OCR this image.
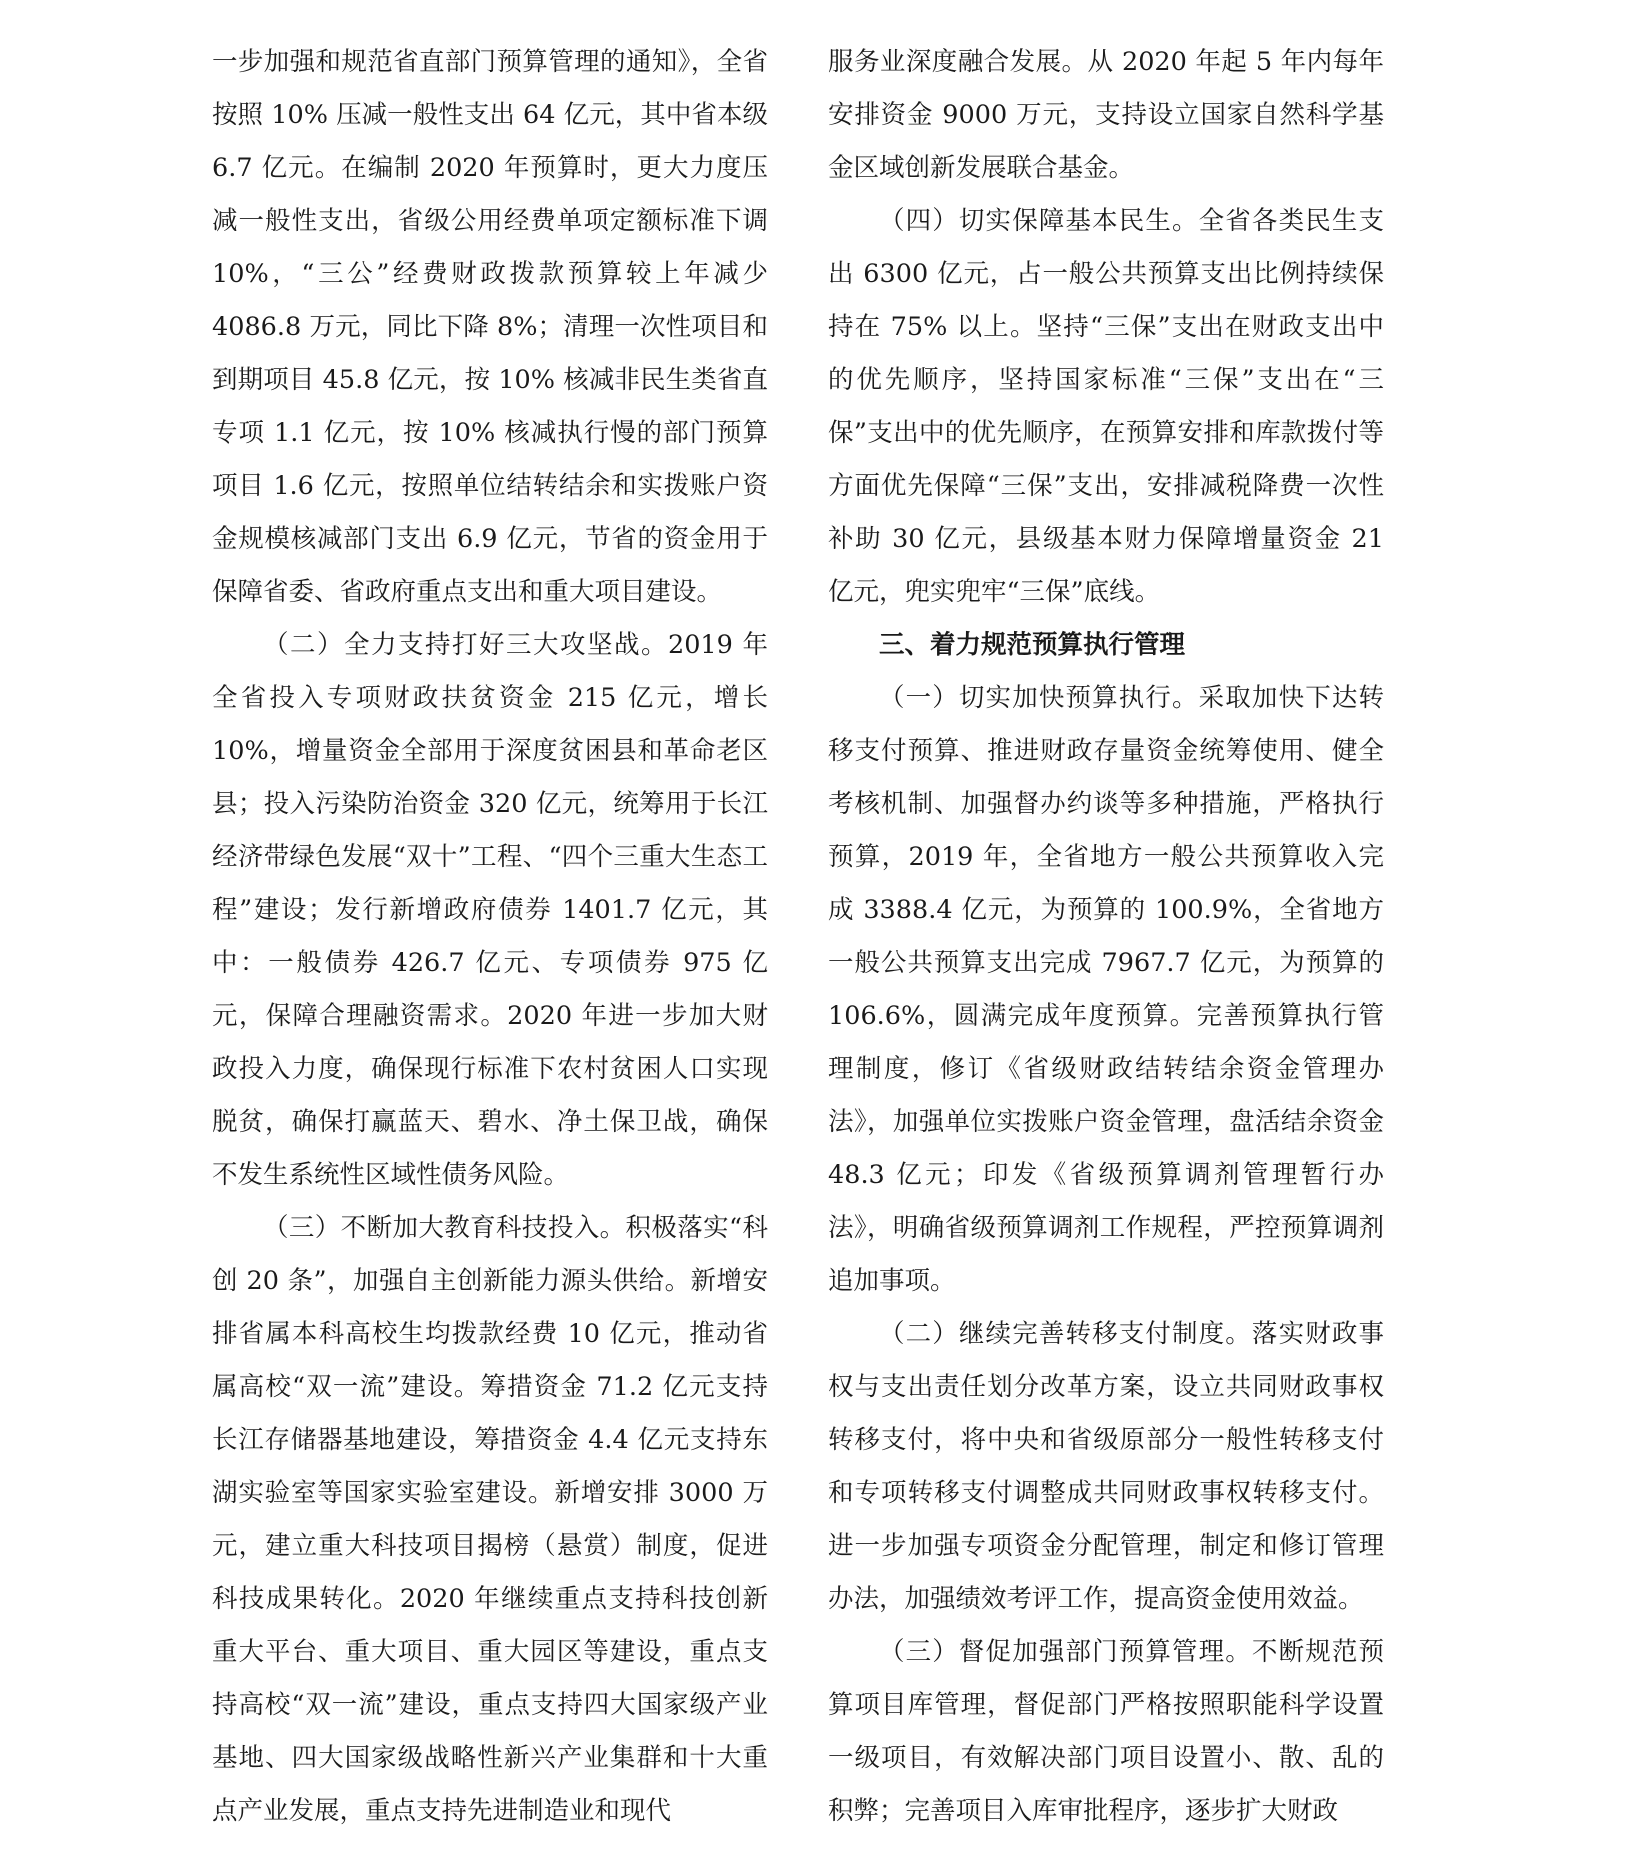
一步加强和规范省直部门预算管理的通知》，全省按照 10% 压减一般性支出 64 亿元，其中省本级 6.7 亿元。在编制 2020 年预算时，更大力度压减一般性支出，省级公用经费单项定额标准下调 10%，“三公”经费财政拨款预算较上年减少 4086.8 万元，同比下降 8%；清理一次性项目和到期项目 45.8 亿元，按 10% 核减非民生类省直专项 1.1 亿元，按 10% 核减执行慢的部门预算项目 1.6 亿元，按照单位结转结余和实拨账户资金规模核减部门支出 6.9 亿元，节省的资金用于保障省委、省政府重点支出和重大项目建设。

（二）全力支持打好三大攻坚战。2019 年全省投入专项财政扶贫资金 215 亿元，增长 10%，增量资金全部用于深度贫困县和革命老区县；投入污染防治资金 320 亿元，统筹用于长江经济带绿色发展“双十”工程、“四个三重大生态工程”建设；发行新增政府债券 1401.7 亿元，其中：一般债券 426.7 亿元、专项债券 975 亿元，保障合理融资需求。2020 年进一步加大财政投入力度，确保现行标准下农村贫困人口实现脱贫，确保打赢蓝天、碧水、净土保卫战，确保不发生系统性区域性债务风险。

（三）不断加大教育科技投入。积极落实“科创 20 条”，加强自主创新能力源头供给。新增安排省属本科高校生均拨款经费 10 亿元，推动省属高校“双一流”建设。筹措资金 71.2 亿元支持长江存储器基地建设，筹措资金 4.4 亿元支持东湖实验室等国家实验室建设。新增安排 3000 万元，建立重大科技项目揭榜（悬赏）制度，促进科技成果转化。2020 年继续重点支持科技创新重大平台、重大项目、重大园区等建设，重点支持高校“双一流”建设，重点支持四大国家级产业基地、四大国家级战略性新兴产业集群和十大重点产业发展，重点支持先进制造业和现代

服务业深度融合发展。从 2020 年起 5 年内每年安排资金 9000 万元，支持设立国家自然科学基金区域创新发展联合基金。

（四）切实保障基本民生。全省各类民生支出 6300 亿元，占一般公共预算支出比例持续保持在 75% 以上。坚持“三保”支出在财政支出中的优先顺序，坚持国家标准“三保”支出在“三保”支出中的优先顺序，在预算安排和库款拨付等方面优先保障“三保”支出，安排减税降费一次性补助 30 亿元，县级基本财力保障增量资金 21 亿元，兜实兜牢“三保”底线。

三、着力规范预算执行管理

（一）切实加快预算执行。采取加快下达转移支付预算、推进财政存量资金统筹使用、健全考核机制、加强督办约谈等多种措施，严格执行预算，2019 年，全省地方一般公共预算收入完成 3388.4 亿元，为预算的 100.9%，全省地方一般公共预算支出完成 7967.7 亿元，为预算的 106.6%，圆满完成年度预算。完善预算执行管理制度，修订《省级财政结转结余资金管理办法》，加强单位实拨账户资金管理，盘活结余资金 48.3 亿元；印发《省级预算调剂管理暂行办法》，明确省级预算调剂工作规程，严控预算调剂追加事项。

（二）继续完善转移支付制度。落实财政事权与支出责任划分改革方案，设立共同财政事权转移支付，将中央和省级原部分一般性转移支付和专项转移支付调整成共同财政事权转移支付。进一步加强专项资金分配管理，制定和修订管理办法，加强绩效考评工作，提高资金使用效益。

（三）督促加强部门预算管理。不断规范预算项目库管理，督促部门严格按照职能科学设置一级项目，有效解决部门项目设置小、散、乱的积弊；完善项目入库审批程序，逐步扩大财政
